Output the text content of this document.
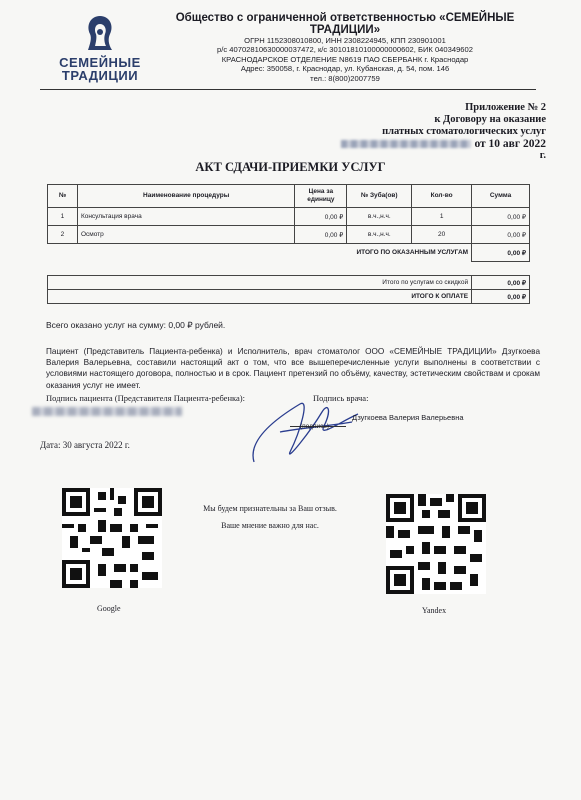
СЕМЕЙНЫЕ
ТРАДИЦИИ
Общество с ограниченной ответственностью «СЕМЕЙНЫЕ ТРАДИЦИИ»
ОГРН 1152308010800, ИНН 2308224945, КПП 230901001
р/с 40702810630000037472, к/с 30101810100000000602, БИК 040349602
КРАСНОДАРСКОЕ ОТДЕЛЕНИЕ N8619 ПАО СБЕРБАНК г. Краснодар
Адрес: 350058, г. Краснодар, ул. Кубанская, д. 54, пом. 146
тел.: 8(800)2007759
Приложение № 2
к Договору на оказание
платных стоматологических услуг
от 10 авг 2022
г.
АКТ СДАЧИ-ПРИЕМКИ УСЛУГ
№	Наименование процедуры	Цена за единицу	№ Зуба(ов)	Кол-во	Сумма
1	Консультация врача	0,00 ₽	в.ч.,н.ч.	1	0,00 ₽
2	Осмотр	0,00 ₽	в.ч.,н.ч.	20	0,00 ₽
ИТОГО ПО ОКАЗАННЫМ УСЛУГАМ					0,00 ₽
Итого по услугам со скидкой	0,00 ₽
ИТОГО К ОПЛАТЕ	0,00 ₽
Всего оказано услуг на сумму: 0,00 ₽ рублей.
Пациент (Представитель Пациента-ребенка) и Исполнитель, врач стоматолог ООО «СЕМЕЙНЫЕ ТРАДИЦИИ» Дзугкоева Валерия Валерьевна, составили настоящий акт о том, что все вышеперечисленные услуги выполнены в соответствии с условиями настоящего договора, полностью и в срок. Пациент претензий по объёму, качеству, эстетическим свойствам и срокам оказания услуг не имеет.
Подпись пациента (Представителя Пациента-ребенка):	Подпись врача:
(подпись)
Дзугкоева Валерия Валерьевна
Дата: 30 августа 2022 г.
Google
Мы будем признательны за Ваш отзыв.
Ваше мнение важно для нас.
Yandex
